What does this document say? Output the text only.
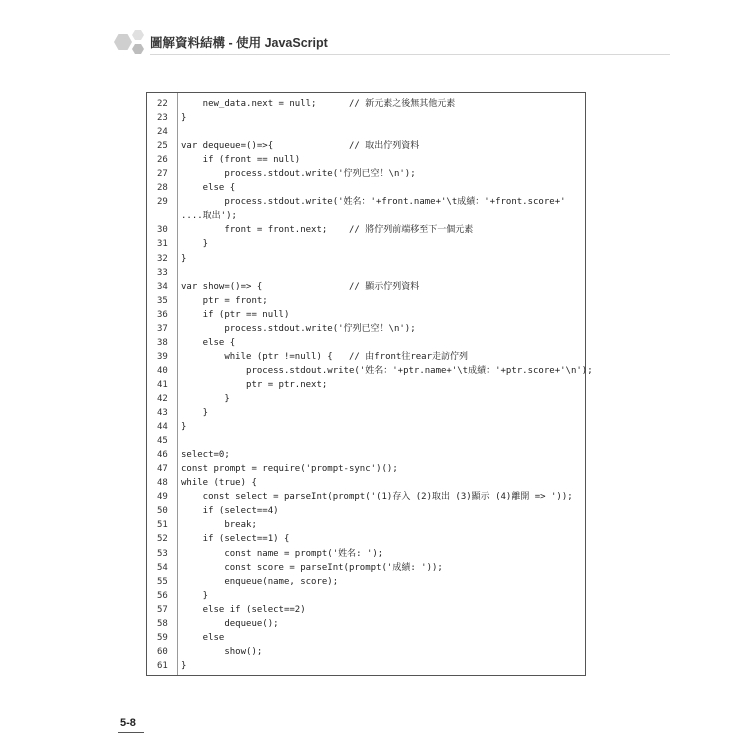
圖解資料結構 - 使用 JavaScript
22	new_data.next = null;      // 新元素之後無其他元素
23	}
24
25	var dequeue=()=>{              // 取出佇列資料
26	if (front == null)
27	process.stdout.write('佇列已空！\n');
28	else {
29	process.stdout.write('姓名：'+front.name+'\t成績：'+front.score+'
....取出');
30	front = front.next;    // 將佇列前端移至下一個元素
31	}
32	}
33
34	var show=()=> {                // 顯示佇列資料
35	ptr = front;
36	if (ptr == null)
37	process.stdout.write('佇列已空！\n');
38	else {
39	while (ptr !=null) {   // 由front往rear走訪佇列
40	process.stdout.write('姓名：'+ptr.name+'\t成績：'+ptr.score+'\n');
41	ptr = ptr.next;
42	}
43	}
44	}
45
46	select=0;
47	const prompt = require('prompt-sync')();
48	while (true) {
49	const select = parseInt(prompt('(1)存入 (2)取出 (3)顯示 (4)離開 => '));
50	if (select==4)
51	break;
52	if (select==1) {
53	const name = prompt('姓名: ');
54	const score = parseInt(prompt('成績: '));
55	enqueue(name, score);
56	}
57	else if (select==2)
58	dequeue();
59	else
60	show();
61	}
5-8
